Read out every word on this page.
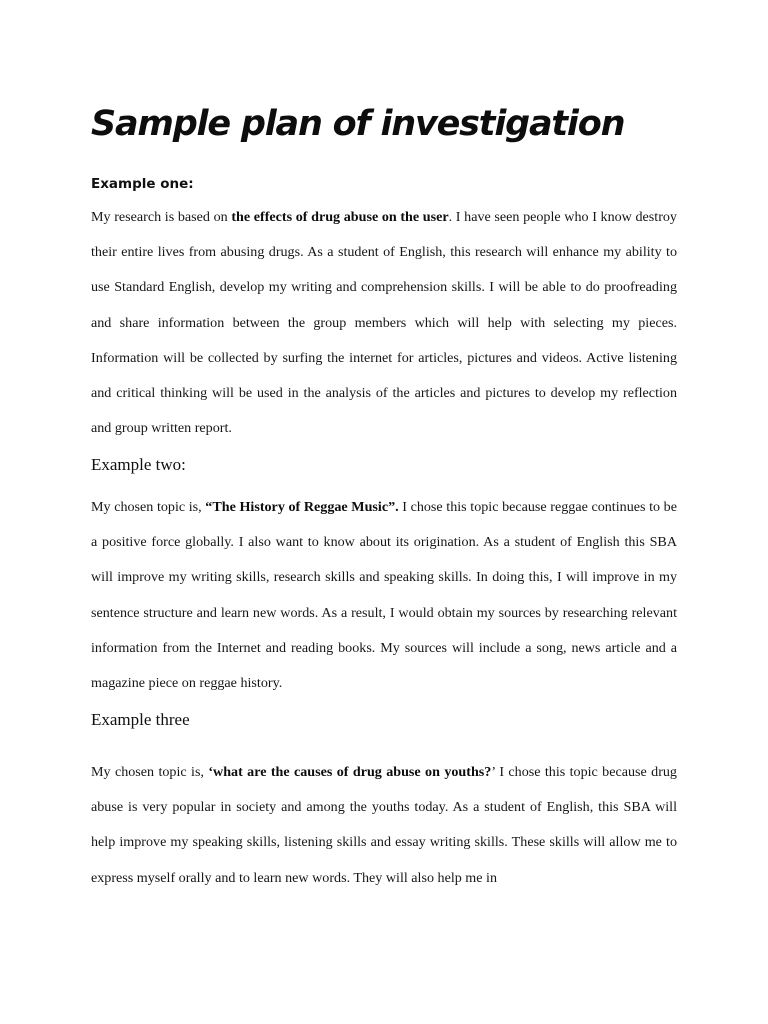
Sample plan of investigation
Example one:

My research is based on the effects of drug abuse on the user. I have seen people who I know destroy their entire lives from abusing drugs. As a student of English, this research will enhance my ability to use Standard English, develop my writing and comprehension skills. I will be able to do proofreading and share information between the group members which will help with selecting my pieces. Information will be collected by surfing the internet for articles, pictures and videos. Active listening and critical thinking will be used in the analysis of the articles and pictures to develop my reflection and group written report.

Example two:

My chosen topic is, “The History of Reggae Music”. I chose this topic because reggae continues to be a positive force globally. I also want to know about its origination. As a student of English this SBA will improve my writing skills, research skills and speaking skills. In doing this, I will improve in my sentence structure and learn new words. As a result, I would obtain my sources by researching relevant information from the Internet and reading books. My sources will include a song, news article and a magazine piece on reggae history.

Example three

My chosen topic is, ‘what are the causes of drug abuse on youths?’ I chose this topic because drug abuse is very popular in society and among the youths today. As a student of English, this SBA will help improve my speaking skills, listening skills and essay writing skills. These skills will allow me to express myself orally and to learn new words. They will also help me in
